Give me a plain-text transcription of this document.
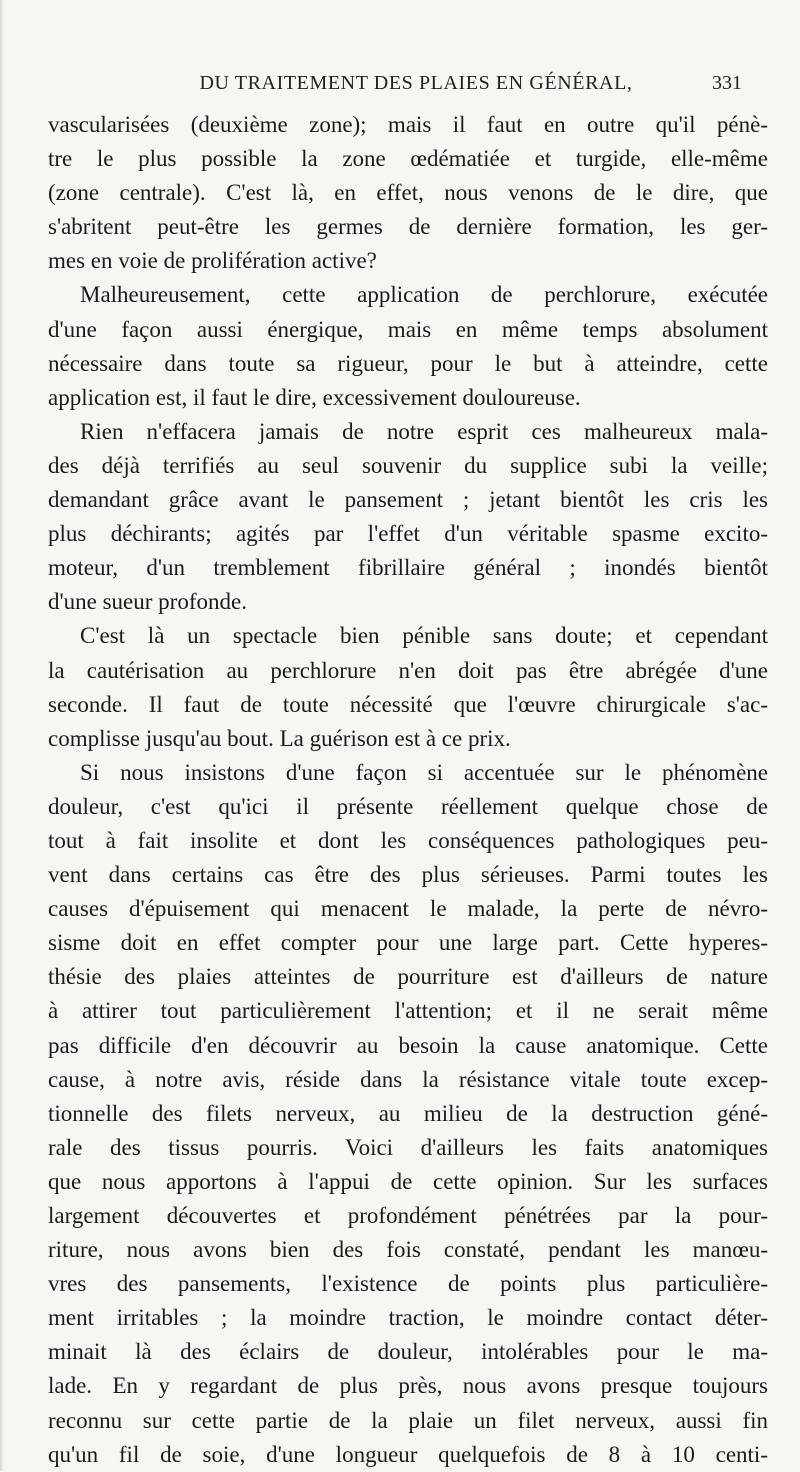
DU TRAITEMENT DES PLAIES EN GÉNÉRAL,	331
vascularisées (deuxième zone); mais il faut en outre qu'il pénè-
tre le plus possible la zone œdématiée et turgide, elle-même
(zone centrale). C'est là, en effet, nous venons de le dire, que
s'abritent peut-être les germes de dernière formation, les ger-
mes en voie de prolifération active?
Malheureusement, cette application de perchlorure, exécutée
d'une façon aussi énergique, mais en même temps absolument
nécessaire dans toute sa rigueur, pour le but à atteindre, cette
application est, il faut le dire, excessivement douloureuse.
Rien n'effacera jamais de notre esprit ces malheureux mala-
des déjà terrifiés au seul souvenir du supplice subi la veille;
demandant grâce avant le pansement ; jetant bientôt les cris les
plus déchirants; agités par l'effet d'un véritable spasme excito-
moteur, d'un tremblement fibrillaire général ; inondés bientôt
d'une sueur profonde.
C'est là un spectacle bien pénible sans doute; et cependant
la cautérisation au perchlorure n'en doit pas être abrégée d'une
seconde. Il faut de toute nécessité que l'œuvre chirurgicale s'ac-
complisse jusqu'au bout. La guérison est à ce prix.
Si nous insistons d'une façon si accentuée sur le phénomène
douleur, c'est qu'ici il présente réellement quelque chose de
tout à fait insolite et dont les conséquences pathologiques peu-
vent dans certains cas être des plus sérieuses. Parmi toutes les
causes d'épuisement qui menacent le malade, la perte de névro-
sisme doit en effet compter pour une large part. Cette hyperes-
thésie des plaies atteintes de pourriture est d'ailleurs de nature
à attirer tout particulièrement l'attention; et il ne serait même
pas difficile d'en découvrir au besoin la cause anatomique. Cette
cause, à notre avis, réside dans la résistance vitale toute excep-
tionnelle des filets nerveux, au milieu de la destruction géné-
rale des tissus pourris. Voici d'ailleurs les faits anatomiques
que nous apportons à l'appui de cette opinion. Sur les surfaces
largement découvertes et profondément pénétrées par la pour-
riture, nous avons bien des fois constaté, pendant les manœu-
vres des pansements, l'existence de points plus particulière-
ment irritables ; la moindre traction, le moindre contact déter-
minait là des éclairs de douleur, intolérables pour le ma-
lade. En y regardant de plus près, nous avons presque toujours
reconnu sur cette partie de la plaie un filet nerveux, aussi fin
qu'un fil de soie, d'une longueur quelquefois de 8 à 10 centi-
